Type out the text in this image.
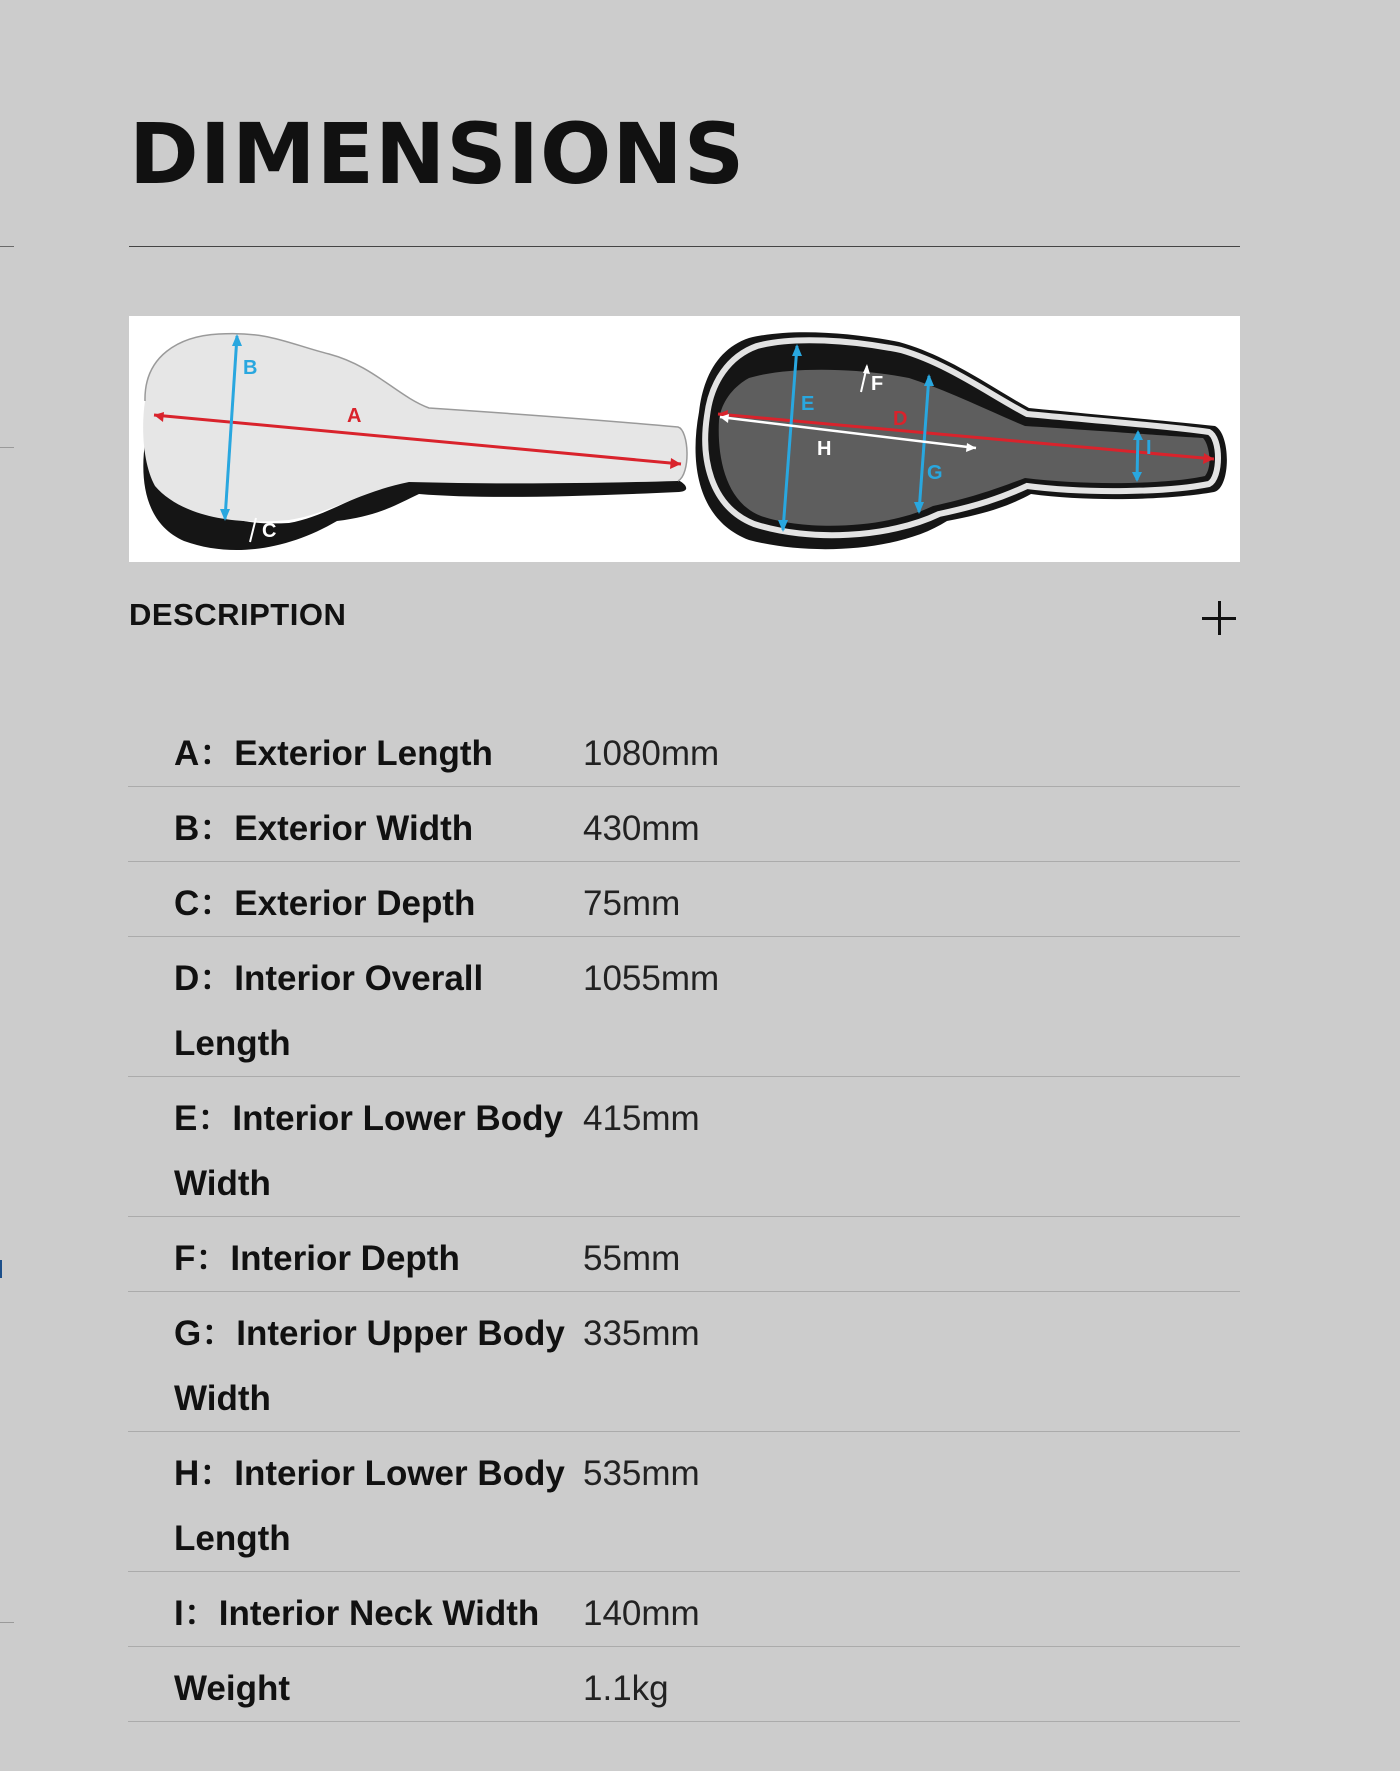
DIMENSIONS
A
B
C
D
E
F
G
H	I
DESCRIPTION
A：Exterior Length	1080mm
B：Exterior Width	430mm
C：Exterior Depth	75mm
D：Interior Overall Length	1055mm
E：Interior Lower Body Width	415mm
F：Interior Depth	55mm
G：Interior Upper Body Width	335mm
H：Interior Lower Body Length	535mm
I：Interior Neck Width	140mm
Weight	1.1kg
